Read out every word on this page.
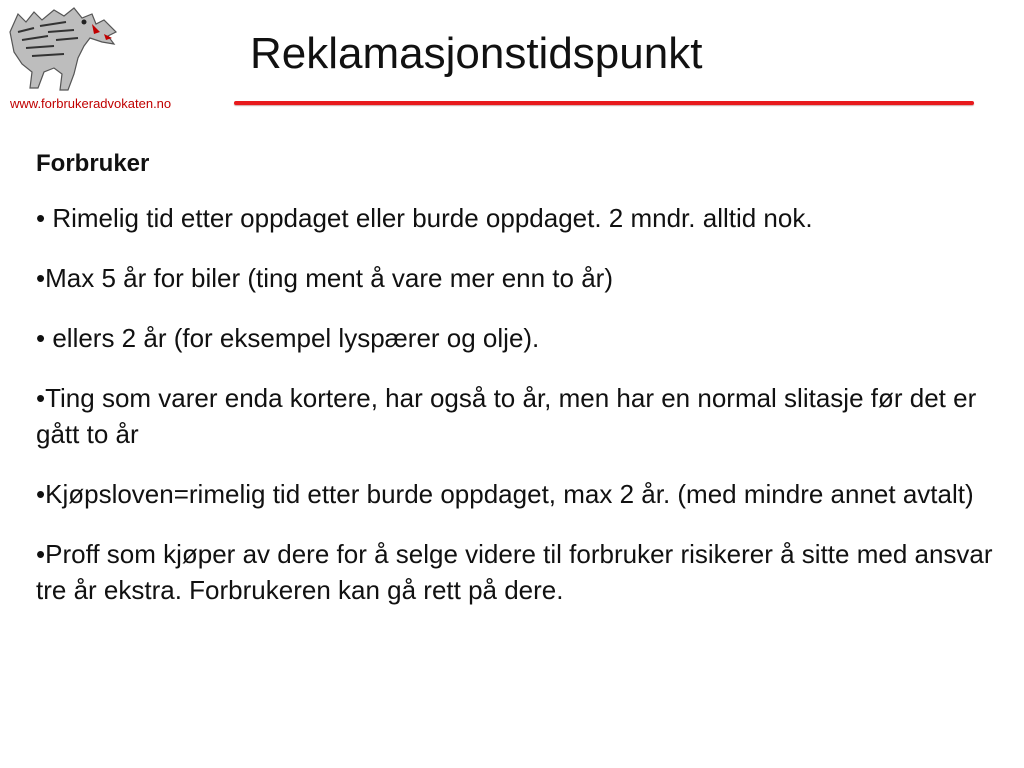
www.forbrukeradvokaten.no
Reklamasjonstidspunkt

Forbruker

• Rimelig tid etter oppdaget eller burde oppdaget. 2 mndr. alltid nok.

•Max 5 år for biler (ting ment å vare mer enn to år)

• ellers 2 år (for eksempel lyspærer og olje).

•Ting som varer enda kortere, har også to år, men har en normal slitasje før det er gått to år

•Kjøpsloven=rimelig tid etter burde oppdaget, max 2 år. (med mindre annet avtalt)

•Proff som kjøper av dere for å selge videre til forbruker risikerer å sitte med ansvar tre år ekstra. Forbrukeren kan gå rett på dere.
